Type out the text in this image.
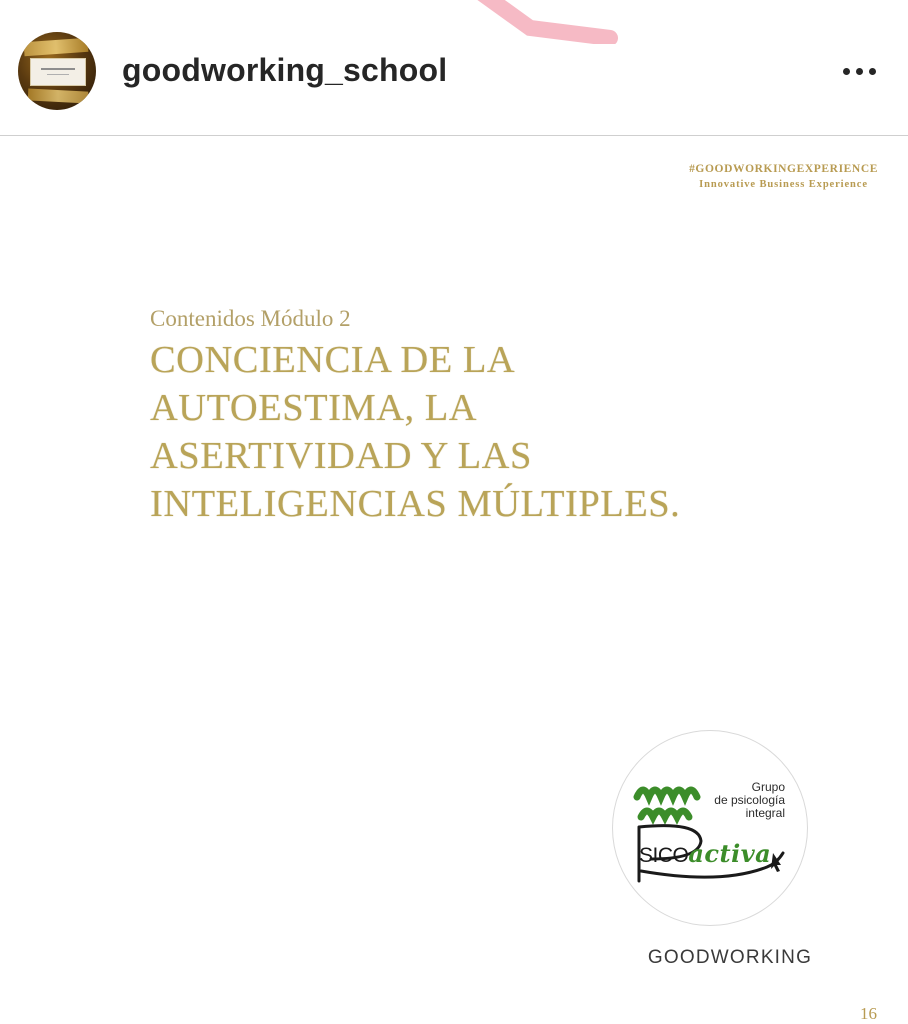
goodworking_school
#GOODWORKINGEXPERIENCE
Innovative Business Experience
Contenidos Módulo 2
CONCIENCIA DE LA
AUTOESTIMA, LA
ASERTIVIDAD Y LAS
INTELIGENCIAS MÚLTIPLES.
Grupo
de psicología
integral
SICOactiva
GOODWORKING
16
